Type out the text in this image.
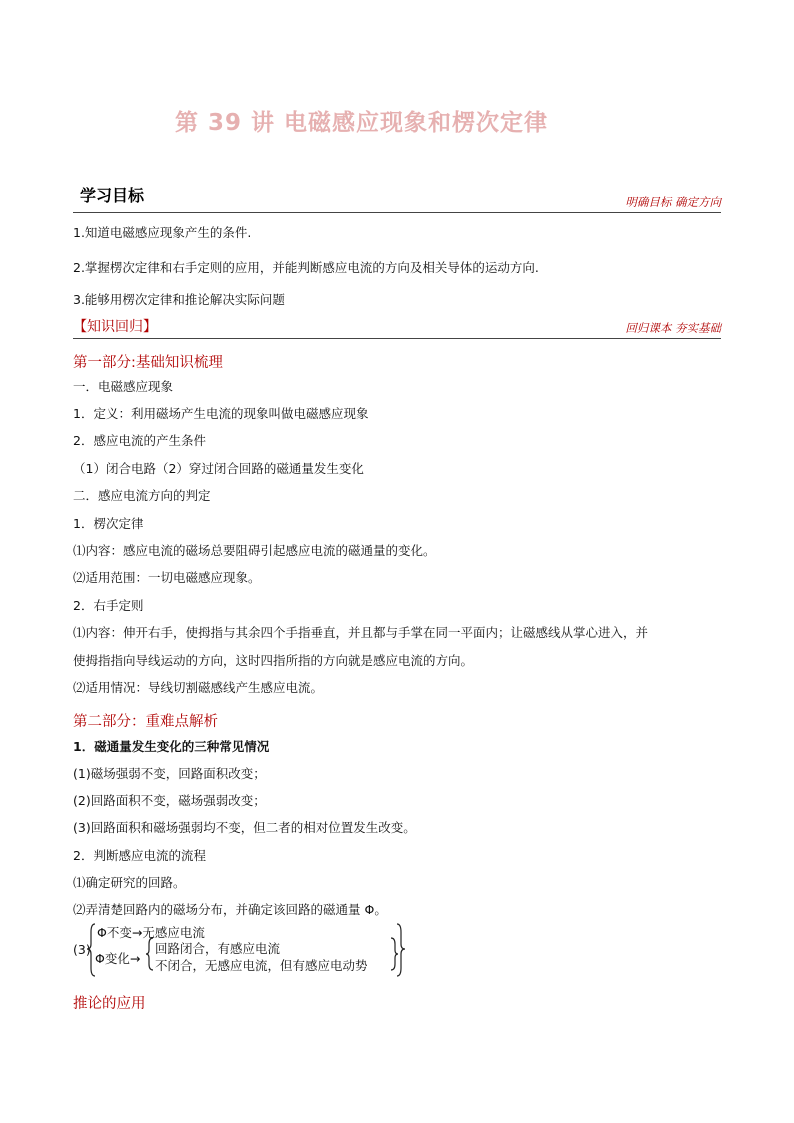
第 39 讲 电磁感应现象和楞次定律
学习目标	明确目标 确定方向
1.知道电磁感应现象产生的条件.
2.掌握楞次定律和右手定则的应用，并能判断感应电流的方向及相关导体的运动方向.
3.能够用楞次定律和推论解决实际问题
【知识回归】	回归课本 夯实基础
第一部分:基础知识梳理
一．电磁感应现象
1．定义：利用磁场产生电流的现象叫做电磁感应现象
2．感应电流的产生条件
（1）闭合电路（2）穿过闭合回路的磁通量发生变化
二．感应电流方向的判定
1．楞次定律
⑴内容：感应电流的磁场总要阻碍引起感应电流的磁通量的变化。
⑵适用范围：一切电磁感应现象。
2．右手定则
⑴内容：伸开右手，使拇指与其余四个手指垂直，并且都与手掌在同一平面内；让磁感线从掌心进入，并
使拇指指向导线运动的方向，这时四指所指的方向就是感应电流的方向。
⑵适用情况：导线切割磁感线产生感应电流。
第二部分：重难点解析
1．磁通量发生变化的三种常见情况
(1)磁场强弱不变，回路面积改变；
(2)回路面积不变，磁场强弱改变；
(3)回路面积和磁场强弱均不变，但二者的相对位置发生改变。
2．判断感应电流的流程
⑴确定研究的回路。
⑵弄清楚回路内的磁场分布，并确定该回路的磁通量 Φ。
(3)
Φ不变→无感应电流
Φ变化→
回路闭合，有感应电流
不闭合，无感应电流，但有感应电动势
推论的应用
